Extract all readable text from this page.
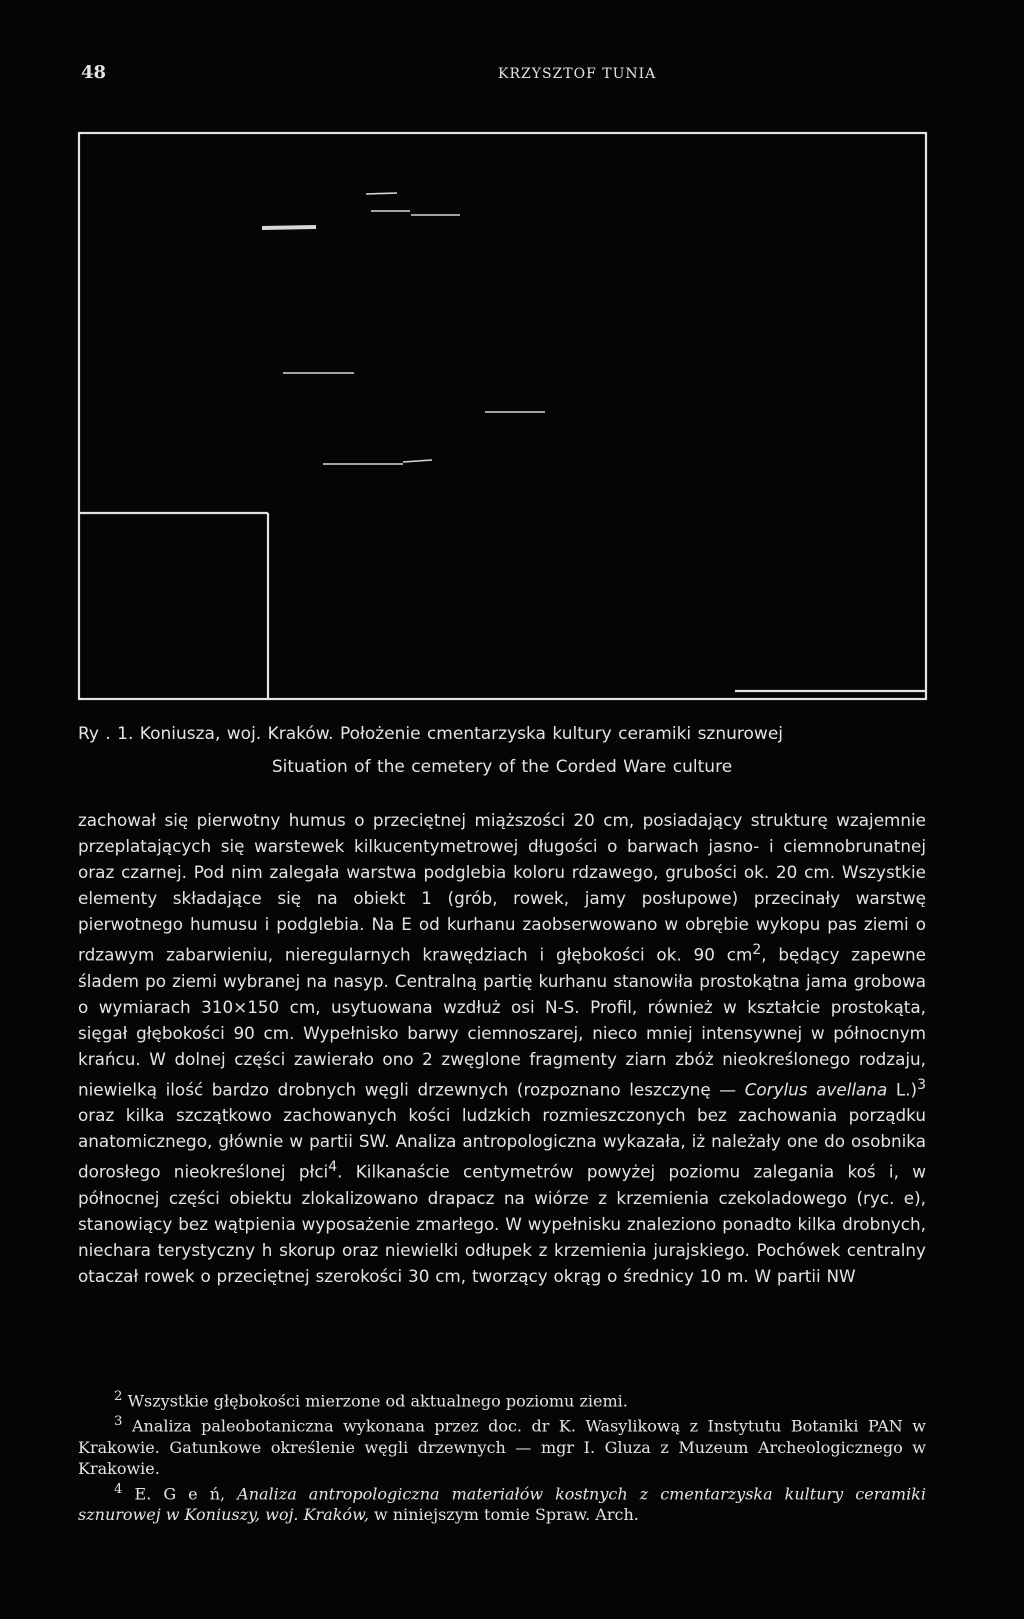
48	KRZYSZTOF TUNIA
Ry . 1. Koniusza, woj. Kraków. Położenie cmentarzyska kultury ceramiki sznurowej
Situation of the cemetery of the Corded Ware culture

zachował się pierwotny humus o przeciętnej miąższości 20 cm, posiadający strukturę wzajemnie przeplatających się warstewek kilkucentymetrowej długości o barwach jasno- i ciemnobrunatnej oraz czarnej. Pod nim zalegała warstwa podglebia koloru rdzawego, grubości ok. 20 cm. Wszystkie elementy składające się na obiekt 1 (grób, rowek, jamy posłupowe) przecinały warstwę pierwotnego humusu i podglebia. Na E od kurhanu zaobserwowano w obrębie wykopu pas ziemi o rdzawym zabarwieniu, nieregularnych krawędziach i głębokości ok. 90 $cm^2$, będący zapewne śladem po ziemi wybranej na nasyp. Centralną partię kurhanu stanowiła prostokątna jama grobowa o wymiarach 310×150 cm, usytuowana wzdłuż osi N-S. Profil, również w kształcie prostokąta, sięgał głębokości 90 cm. Wypełnisko barwy ciemnoszarej, nieco mniej intensywnej w północnym krańcu. W dolnej części zawierało ono 2 zwęglone fragmenty ziarn zbóż nieokreślonego rodzaju, niewielką ilość bardzo drobnych węgli drzewnych (rozpoznano leszczynę — Corylus avellana L.)$^3$ oraz kilka szczątkowo zachowanych kości ludzkich rozmieszczonych bez zachowania porządku anatomicznego, głównie w partii SW. Analiza antropologiczna wykazała, iż należały one do osobnika dorosłego nieokreślonej płci$^4$. Kilkanaście centymetrów powyżej poziomu zalegania koś i, w północnej części obiektu zlokalizowano drapacz na wiórze z krzemienia czekoladowego (ryc. e), stanowiący bez wątpienia wyposażenie zmarłego. W wypełnisku znaleziono ponadto kilka drobnych, niechara terystyczny h skorup oraz niewielki odłupek z krzemienia jurajskiego. Pochówek centralny otaczał rowek o przeciętnej szerokości 30 cm, tworzący okrąg o średnicy 10 m. W partii NW

$^2$ Wszystkie głębokości mierzone od aktualnego poziomu ziemi.

$^3$ Analiza paleobotaniczna wykonana przez doc. dr K. Wasylikową z Instytutu Botaniki PAN w Krakowie. Gatunkowe określenie węgli drzewnych — mgr I. Gluza z Muzeum Archeologicznego w Krakowie.

$^4$ E. G e ń, Analiza antropologiczna materiałów kostnych z cmentarzyska kultury ceramiki sznurowej w Koniuszy, woj. Kraków, w niniejszym tomie Spraw. Arch.
